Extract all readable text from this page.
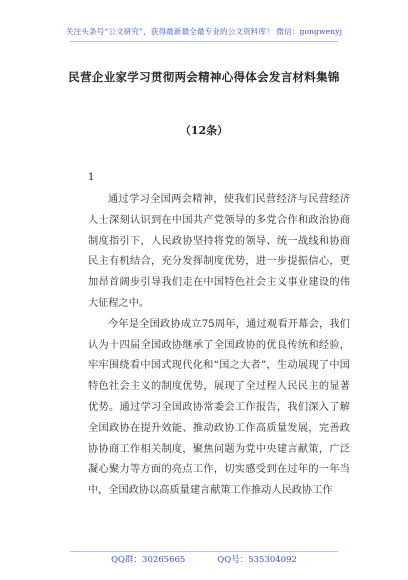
关注头条号“公文研究”，获得最新最全最专业的公文资料库！ 微信：gongwenyj
民营企业家学习贯彻两会精神心得体会发言材料集锦
（12条）
1

通过学习全国两会精神，使我们民营经济与民营经济人士深刻认识到在中国共产党领导的多党合作和政治协商制度指引下，人民政协坚持将党的领导、统一战线和协商民主有机结合，充分发挥制度优势，进一步提振信心，更加昂首阔步引导我们走在中国特色社会主义事业建设的伟大征程之中。

今年是全国政协成立75周年，通过观看开幕会，我们认为十四届全国政协继承了全国政协的优良传统和经验，牢牢围绕看中国式现代化和“国之大者”，生动展现了中国特色社会主义的制度优势，展现了全过程人民民主的显著优势。通过学习全国政协常委会工作报告，我们深入了解全国政协在提升效能、推动政协工作高质量发展，完善政协协商工作相关制度，聚焦问题为党中央建言献策，广泛凝心聚力等方面的亮点工作，切实感受到在过年的一年当中，全国政协以高质量建言献策工作推动人民政协工作

QQ群：30265665	QQ号：535304092
